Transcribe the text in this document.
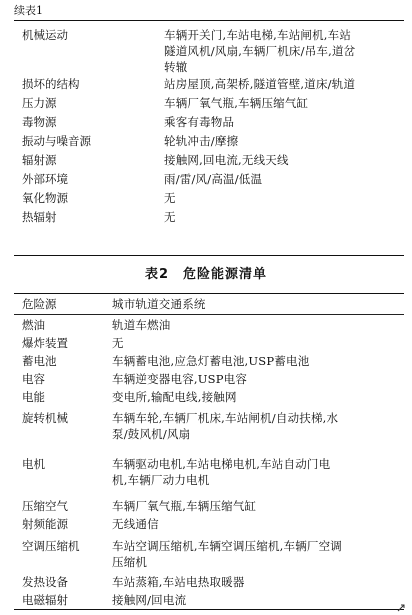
续表1
机械运动	车辆开关门,车站电梯,车站闸机,车站
隧道风机/风扇,车辆厂机床/吊车,道岔
转辙
损坏的结构	站房屋顶,高架桥,隧道管壁,道床/轨道
压力源	车辆厂氧气瓶,车辆压缩气缸
毒物源	乘客有毒物品
振动与噪音源	轮轨冲击/摩擦
辐射源	接触网,回电流,无线天线
外部环境	雨/雷/风/高温/低温
氧化物源	无
热辐射	无
表2　危险能源清单
危险源	城市轨道交通系统
燃油	轨道车燃油
爆炸装置	无
蓄电池	车辆蓄电池,应急灯蓄电池,USP蓄电池
电容	车辆逆变器电容,USP电容
电能	变电所,输配电线,接触网
旋转机械	车辆车轮,车辆厂机床,车站闸机/自动扶梯,水
泵/鼓风机/风扇
电机	车辆驱动电机,车站电梯电机,车站自动门电
机,车辆厂动力电机
压缩空气	车辆厂氧气瓶,车辆压缩气缸
射频能源	无线通信
空调压缩机	车站空调压缩机,车辆空调压缩机,车辆厂空调
压缩机
发热设备	车站蒸箱,车站电热取暖器
电磁辐射	接触网/回电流
